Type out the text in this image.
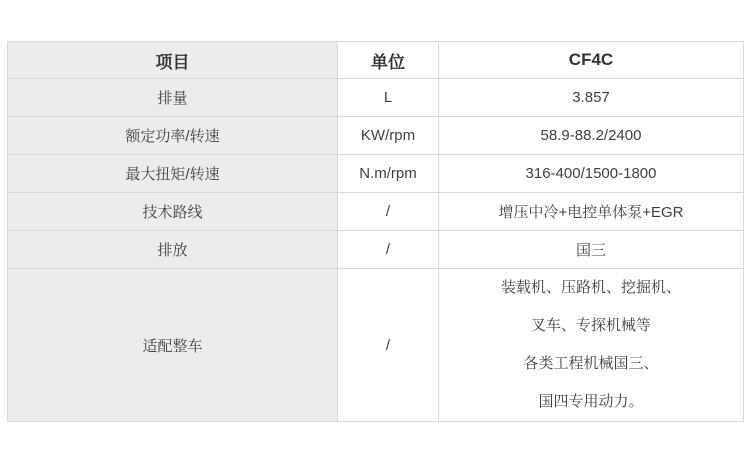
项目	单位	CF4C
排量	L	3.857
额定功率/转速	KW/rpm	58.9-88.2/2400
最大扭矩/转速	N.m/rpm	316-400/1500-1800
技术路线	/	增压中冷+电控单体泵+EGR
排放	/	国三
适配整车	/	装载机、压路机、挖掘机、
叉车、专探机械等
各类工程机械国三、
国四专用动力。
